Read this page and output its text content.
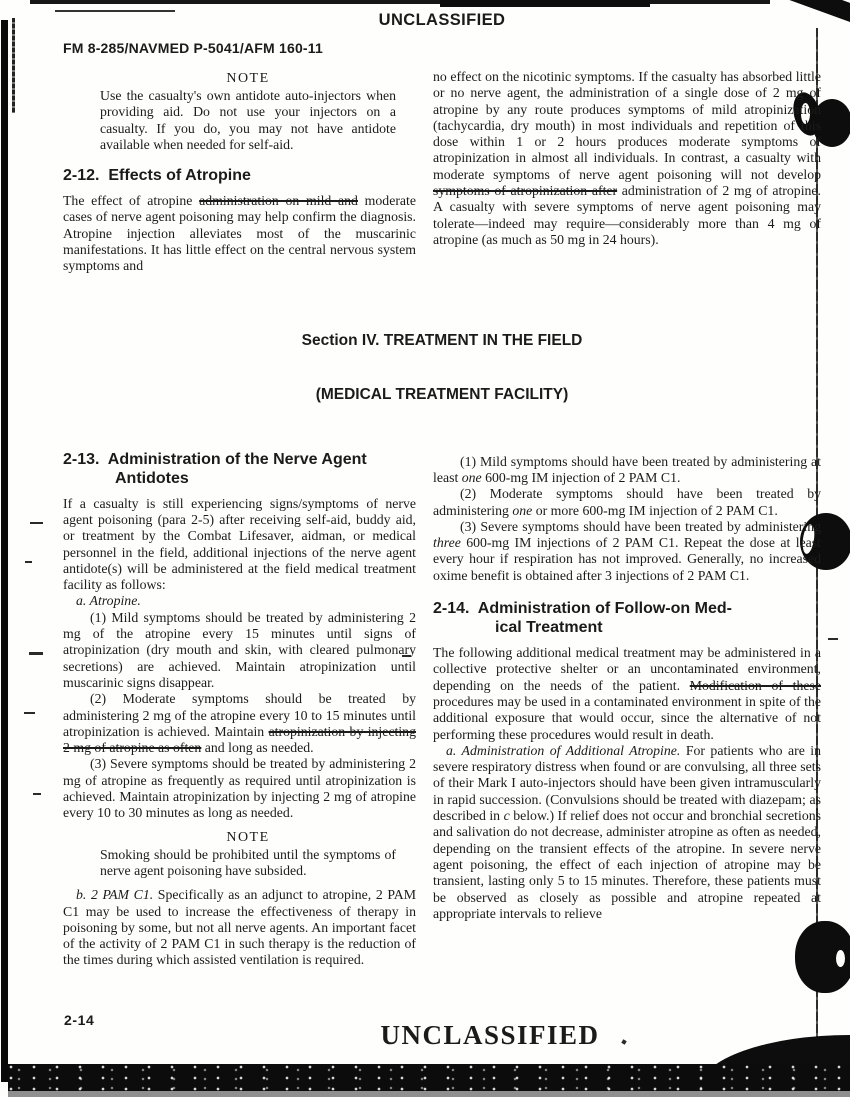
UNCLASSIFIED
FM 8-285/NAVMED P-5041/AFM 160-11
NOTE

Use the casualty's own antidote auto-injectors when providing aid. Do not use your injectors on a casualty. If you do, you may not have antidote available when needed for self-aid.

2-12.  Effects of Atropine

The effect of atropine administration on mild and moderate cases of nerve agent poisoning may help confirm the diagnosis. Atropine injection alleviates most of the muscarinic manifestations. It has little effect on the central nervous system symptoms and

no effect on the nicotinic symptoms. If the casualty has absorbed little or no nerve agent, the administration of a single dose of 2 mg of atropine by any route produces symptoms of mild atropinization (tachycardia, dry mouth) in most individuals and repetition of this dose within 1 or 2 hours produces moderate symptoms of atropinization in almost all individuals. In contrast, a casualty with moderate symptoms of nerve agent poisoning will not develop symptoms of atropinization after administration of 2 mg of atropine. A casualty with severe symptoms of nerve agent poisoning may tolerate—indeed may require—considerably more than 4 mg of atropine (as much as 50 mg in 24 hours).

Section IV. TREATMENT IN THE FIELD

(MEDICAL TREATMENT FACILITY)

2-13.  Administration of the Nerve Agent
Antidotes

If a casualty is still experiencing signs/symptoms of nerve agent poisoning (para 2-5) after receiving self-aid, buddy aid, or treatment by the Combat Lifesaver, aidman, or medical personnel in the field, additional injections of the nerve agent antidote(s) will be administered at the field medical treatment facility as follows:

a. Atropine.

(1) Mild symptoms should be treated by administering 2 mg of the atropine every 15 minutes until signs of atropinization (dry mouth and skin, with cleared pulmonary secretions) are achieved. Maintain atropinization until muscarinic signs disappear.

(2) Moderate symptoms should be treated by administering 2 mg of the atropine every 10 to 15 minutes until atropinization is achieved. Maintain atropinization by injecting 2 mg of atropine as often and long as needed.

(3) Severe symptoms should be treated by administering 2 mg of atropine as frequently as required until atropinization is achieved. Maintain atropinization by injecting 2 mg of atropine every 10 to 30 minutes as long as needed.

NOTE

Smoking should be prohibited until the symptoms of nerve agent poisoning have subsided.

b. 2 PAM C1. Specifically as an adjunct to atropine, 2 PAM C1 may be used to increase the effectiveness of therapy in poisoning by some, but not all nerve agents. An important facet of the activity of 2 PAM C1 in such therapy is the reduction of the times during which assisted ventilation is required.

(1) Mild symptoms should have been treated by administering at least one 600-mg IM injection of 2 PAM C1.

(2) Moderate symptoms should have been treated by administering one or more 600-mg IM injection of 2 PAM C1.

(3) Severe symptoms should have been treated by administering three 600-mg IM injections of 2 PAM C1. Repeat the dose at least every hour if respiration has not improved. Generally, no increased oxime benefit is obtained after 3 injections of 2 PAM C1.

2-14.  Administration of Follow-on Med-
ical Treatment

The following additional medical treatment may be administered in a collective protective shelter or an uncontaminated environment, depending on the needs of the patient. Modification of these procedures may be used in a contaminated environment in spite of the additional exposure that would occur, since the alternative of not performing these procedures would result in death.

a. Administration of Additional Atropine. For patients who are in severe respiratory distress when found or are convulsing, all three sets of their Mark I auto-injectors should have been given intramuscularly in rapid succession. (Convulsions should be treated with diazepam; as described in c below.) If relief does not occur and bronchial secretions and salivation do not decrease, administer atropine as often as needed, depending on the transient effects of the atropine. In severe nerve agent poisoning, the effect of each injection of atropine may be transient, lasting only 5 to 15 minutes. Therefore, these patients must be observed as closely as possible and atropine repeated at appropriate intervals to relieve

2-14	UNCLASSIFIED
